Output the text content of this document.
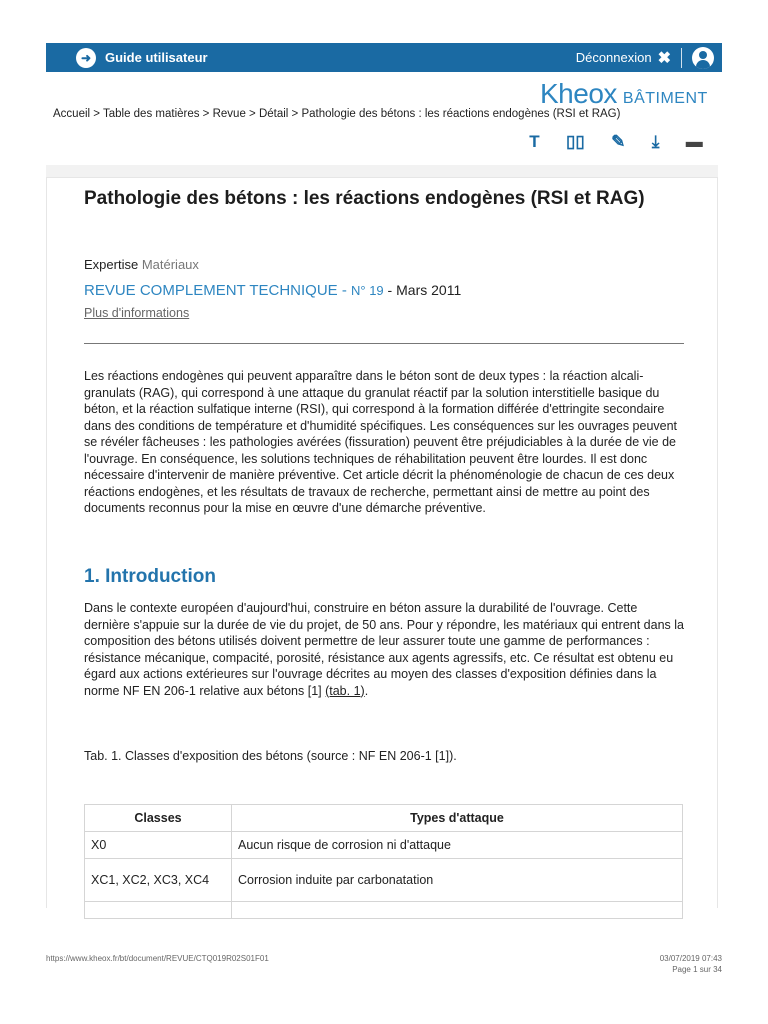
➜	Guide utilisateur	Déconnexion ✖
Kheox BÂTIMENT
Accueil > Table des matières > Revue > Détail > Pathologie des bétons : les réactions endogènes (RSI et RAG)
T ▯▯ ✎ ⤓ ▬
Pathologie des bétons : les réactions endogènes (RSI et RAG)
Expertise Matériaux
REVUE COMPLEMENT TECHNIQUE - N° 19 - Mars 2011
Plus d'informations
Les réactions endogènes qui peuvent apparaître dans le béton sont de deux types : la réaction alcali-granulats (RAG), qui correspond à une attaque du granulat réactif par la solution interstitielle basique du béton, et la réaction sulfatique interne (RSI), qui correspond à la formation différée d'ettringite secondaire dans des conditions de température et d'humidité spécifiques. Les conséquences sur les ouvrages peuvent se révéler fâcheuses : les pathologies avérées (fissuration) peuvent être préjudiciables à la durée de vie de l'ouvrage. En conséquence, les solutions techniques de réhabilitation peuvent être lourdes. Il est donc nécessaire d'intervenir de manière préventive. Cet article décrit la phénoménologie de chacun de ces deux réactions endogènes, et les résultats de travaux de recherche, permettant ainsi de mettre au point des documents reconnus pour la mise en œuvre d'une démarche préventive.
1. Introduction
Dans le contexte européen d'aujourd'hui, construire en béton assure la durabilité de l'ouvrage. Cette dernière s'appuie sur la durée de vie du projet, de 50 ans. Pour y répondre, les matériaux qui entrent dans la composition des bétons utilisés doivent permettre de leur assurer toute une gamme de performances : résistance mécanique, compacité, porosité, résistance aux agents agressifs, etc. Ce résultat est obtenu eu égard aux actions extérieures sur l'ouvrage décrites au moyen des classes d'exposition définies dans la norme NF EN 206-1 relative aux bétons [1] (tab. 1).
Tab. 1. Classes d'exposition des bétons (source : NF EN 206-1 [1]).
Classes	Types d'attaque
X0	Aucun risque de corrosion ni d'attaque
XC1, XC2, XC3, XC4	Corrosion induite par carbonatation

https://www.kheox.fr/bt/document/REVUE/CTQ019R02S01F01	03/07/2019 07:43
Page 1 sur 34
